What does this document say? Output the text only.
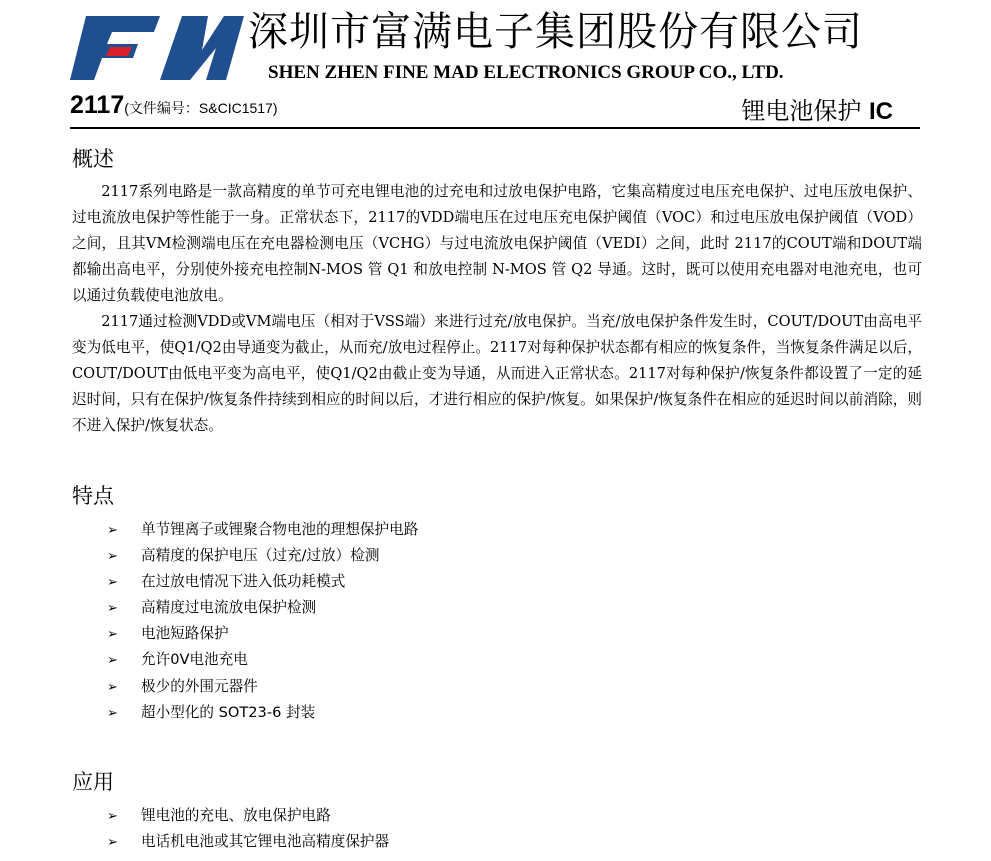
深圳市富满电子集团股份有限公司
SHEN ZHEN FINE MAD ELECTRONICS GROUP CO., LTD.
2117(文件编号：S&CIC1517)	锂电池保护 IC
概述

2117系列电路是一款高精度的单节可充电锂电池的过充电和过放电保护电路，它集高精度过电压充电保护、过电压放电保护、过电流放电保护等性能于一身。正常状态下，2117的VDD端电压在过电压充电保护阈值（VOC）和过电压放电保护阈值（VOD）之间，且其VM检测端电压在充电器检测电压（VCHG）与过电流放电保护阈值（VEDI）之间，此时 2117的COUT端和DOUT端都输出高电平，分别使外接充电控制N-MOS 管 Q1 和放电控制 N-MOS 管 Q2 导通。这时，既可以使用充电器对电池充电，也可以通过负载使电池放电。

2117通过检测VDD或VM端电压（相对于VSS端）来进行过充/放电保护。当充/放电保护条件发生时，COUT/DOUT由高电平变为低电平，使Q1/Q2由导通变为截止，从而充/放电过程停止。2117对每种保护状态都有相应的恢复条件，当恢复条件满足以后，COUT/DOUT由低电平变为高电平，使Q1/Q2由截止变为导通，从而进入正常状态。2117对每种保护/恢复条件都设置了一定的延迟时间，只有在保护/恢复条件持续到相应的时间以后，才进行相应的保护/恢复。如果保护/恢复条件在相应的延迟时间以前消除，则不进入保护/恢复状态。

特点
➢ 单节锂离子或锂聚合物电池的理想保护电路
➢ 高精度的保护电压（过充/过放）检测
➢ 在过放电情况下进入低功耗模式
➢ 高精度过电流放电保护检测
➢ 电池短路保护
➢ 允许0V电池充电
➢ 极少的外围元器件
➢ 超小型化的 SOT23-6 封装
应用
➢ 锂电池的充电、放电保护电路
➢ 电话机电池或其它锂电池高精度保护器
